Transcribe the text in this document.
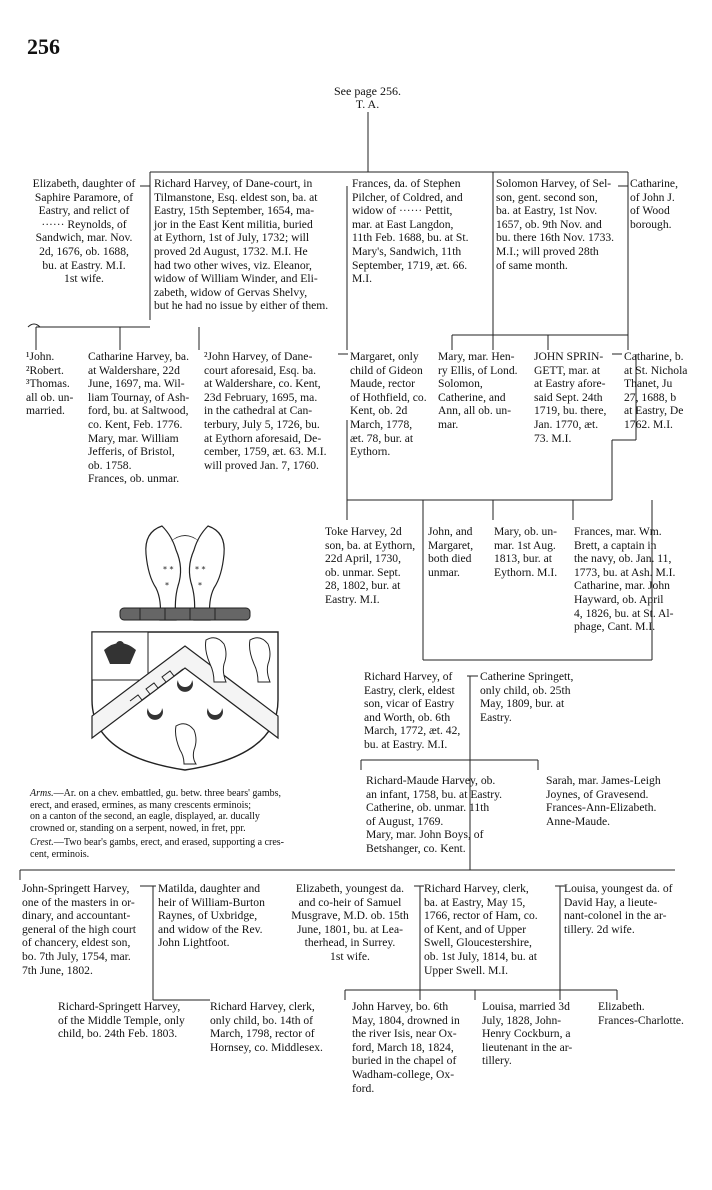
256
See page 256.
T. A.
Elizabeth, daughter of
Saphire Paramore, of
Eastry, and relict of
······ Reynolds, of
Sandwich, mar. Nov.
2d, 1676, ob. 1688,
bu. at Eastry. M.I.
1st wife.
Richard Harvey, of Dane-court, in
Tilmanstone, Esq. eldest son, ba. at
Eastry, 15th September, 1654, ma-
jor in the East Kent militia, buried
at Eythorn, 1st of July, 1732; will
proved 2d August, 1732. M.I. He
had two other wives, viz. Eleanor,
widow of William Winder, and Eli-
zabeth, widow of Gervas Shelvy,
but he had no issue by either of them.
Frances, da. of Stephen
Pilcher, of Coldred, and
widow of ······ Pettit,
mar. at East Langdon,
11th Feb. 1688, bu. at St.
Mary's, Sandwich, 11th
September, 1719, æt. 66.
M.I.
Solomon Harvey, of Sel-
son, gent. second son,
ba. at Eastry, 1st Nov.
1657, ob. 9th Nov. and
bu. there 16th Nov. 1733.
M.I.; will proved 28th
of same month.
Catharine,
of John J.
of Wood
borough.
¹John.
²Robert.
³Thomas.
all ob. un-
married.
Catharine Harvey, ba.
at Waldershare, 22d
June, 1697, ma. Wil-
liam Tournay, of Ash-
ford, bu. at Saltwood,
co. Kent, Feb. 1776.
Mary, mar. William
Jefferis, of Bristol,
ob. 1758.
Frances, ob. unmar.
²John Harvey, of Dane-
court aforesaid, Esq. ba.
at Waldershare, co. Kent,
23d February, 1695, ma.
in the cathedral at Can-
terbury, July 5, 1726, bu.
at Eythorn aforesaid, De-
cember, 1759, æt. 63. M.I.
will proved Jan. 7, 1760.
Margaret, only
child of Gideon
Maude, rector
of Hothfield, co.
Kent, ob. 2d
March, 1778,
æt. 78, bur. at
Eythorn.
Mary, mar. Hen-
ry Ellis, of Lond.
Solomon,
Catherine, and
Ann, all ob. un-
mar.
JOHN SPRIN-
GETT, mar. at
at Eastry afore-
said Sept. 24th
1719, bu. there,
Jan. 1770, æt.
73. M.I.
Catharine, b.
at St. Nichola
Thanet, Ju
27, 1688, b
at Eastry, De
1762. M.I.
Toke Harvey, 2d
son, ba. at Eythorn,
22d April, 1730,
ob. unmar. Sept.
28, 1802, bur. at
Eastry. M.I.
John, and
Margaret,
both died
unmar.
Mary, ob. un-
mar. 1st Aug.
1813, bur. at
Eythorn. M.I.
Frances, mar. Wm.
Brett, a captain in
the navy, ob. Jan. 11,
1773, bu. at Ash. M.I.
Catharine, mar. John
Hayward, ob. April
4, 1826, bu. at St. Al-
phage, Cant. M.I.
Richard Harvey, of
Eastry, clerk, eldest
son, vicar of Eastry
and Worth, ob. 6th
March, 1772, æt. 42,
bu. at Eastry. M.I.
Catherine Springett,
only child, ob. 25th
May, 1809, bur. at
Eastry.
* *
*
* *
*
Arms.—Ar. on a chev. embattled, gu. betw. three bears' gambs,
erect, and erased, ermines, as many crescents erminois;
on a canton of the second, an eagle, displayed, ar. ducally
crowned or, standing on a serpent, nowed, in fret, ppr.
Crest.—Two bear's gambs, erect, and erased, supporting a cres-
cent, erminois.
Richard-Maude Harvey, ob.
an infant, 1758, bu. at Eastry.
Catherine, ob. unmar. 11th
of August, 1769.
Mary, mar. John Boys, of
Betshanger, co. Kent.
Sarah, mar. James-Leigh
Joynes, of Gravesend.
Frances-Ann-Elizabeth.
Anne-Maude.
John-Springett Harvey,
one of the masters in or-
dinary, and accountant-
general of the high court
of chancery, eldest son,
bo. 7th July, 1754, mar.
7th June, 1802.
Matilda, daughter and
heir of William-Burton
Raynes, of Uxbridge,
and widow of the Rev.
John Lightfoot.
Elizabeth, youngest da.
and co-heir of Samuel
Musgrave, M.D. ob. 15th
June, 1801, bu. at Lea-
therhead, in Surrey.
1st wife.
Richard Harvey, clerk,
ba. at Eastry, May 15,
1766, rector of Ham, co.
of Kent, and of Upper
Swell, Gloucestershire,
ob. 1st July, 1814, bu. at
Upper Swell. M.I.
Louisa, youngest da. of
David Hay, a lieute-
nant-colonel in the ar-
tillery. 2d wife.
Richard-Springett Harvey,
of the Middle Temple, only
child, bo. 24th Feb. 1803.
Richard Harvey, clerk,
only child, bo. 14th of
March, 1798, rector of
Hornsey, co. Middlesex.
John Harvey, bo. 6th
May, 1804, drowned in
the river Isis, near Ox-
ford, March 18, 1824,
buried in the chapel of
Wadham-college, Ox-
ford.
Louisa, married 3d
July, 1828, John-
Henry Cockburn, a
lieutenant in the ar-
tillery.
Elizabeth.
Frances-Charlotte.
